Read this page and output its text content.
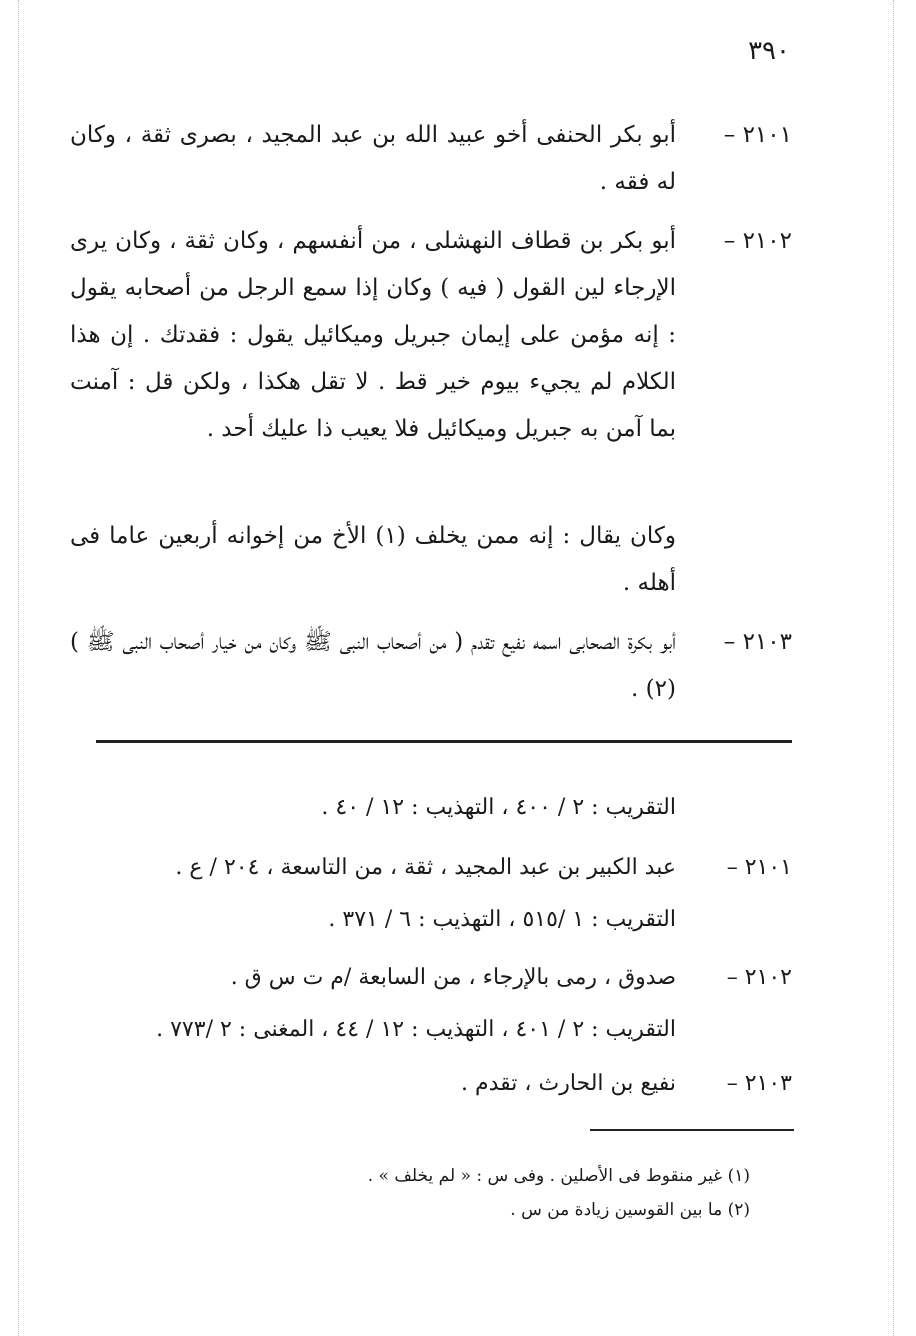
٣٩٠
٢١٠١ –
أبو بكر الحنفى أخو عبيد الله بن عبد المجيد ، بصرى ثقة ، وكان له فقه .
٢١٠٢ –
أبو بكر بن قطاف النهشلى ، من أنفسهم ، وكان ثقة ، وكان يرى الإرجاء لين القول ( فيه ) وكان إذا سمع الرجل من أصحابه يقول : إنه مؤمن على إيمان جبريل وميكائيل يقول : فقدتك . إن هذا الكلام لم يجيء بيوم خير قط . لا تقل هكذا ، ولكن قل : آمنت بما آمن به جبريل وميكائيل فلا يعيب ذا عليك أحد .
وكان يقال : إنه ممن يخلف (١) الأخ من إخوانه أربعين عاما فى أهله .
٢١٠٣ –
أبو بكرة الصحابى اسمه نفيع تقدم ( من أصحاب النبى ﷺ وكان من خيار أصحاب النبى ﷺ ) (٢) .
التقريب : ٢ / ٤٠٠ ، التهذيب : ١٢ / ٤٠ .
٢١٠١ –
عبد الكبير بن عبد المجيد ، ثقة ، من التاسعة ، ٢٠٤ / ع .
التقريب : ١ /٥١٥ ، التهذيب : ٦ / ٣٧١ .
٢١٠٢ –
صدوق ، رمى بالإرجاء ، من السابعة /م ت س ق .
التقريب : ٢ / ٤٠١ ، التهذيب : ١٢ / ٤٤ ، المغنى : ٢ /٧٧٣ .
٢١٠٣ –
نفيع بن الحارث ، تقدم .
(١) غير منقوط فى الأصلين . وفى س : « لم يخلف » .
(٢) ما بين القوسين زيادة من س .
